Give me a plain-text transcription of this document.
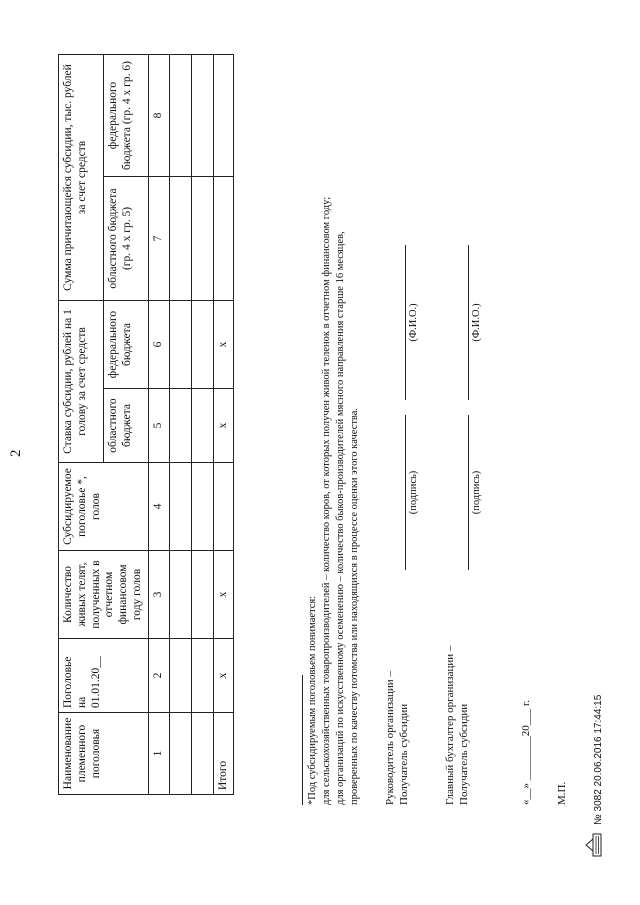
2
Наименование племенного поголовья	Поголовье на 01.01.20__	Количество живых телят, полученных в отчетном финансовом году голов	Субсидируемое поголовье *, голов	Ставка субсидии, рублей на 1 голову за счет средств		Сумма причитающейся субсидии, тыс. рублей за счет средств	
				областного бюджета	федерального бюджета	областного бюджета (гр. 4 x гр. 5)	федерального бюджета (гр. 4 x гр. 6)
1	2	3	4	5	6	7	8

Итого	х	х		х	х		
*Под субсидируемым поголовьем понимается: для сельскохозяйственных товаропроизводителей – количество коров, от которых получен живой теленок в отчетном финансовом году; для организаций по искусственному осеменению – количество быков-производителей мясного направления старше 16 месяцев, проверенных по качеству потомства или находящихся в процессе оценки этого качества. Руководитель организации – Получатель субсидии
(подпись)
(Ф.И.О.)
Главный бухгалтер организации – Получатель субсидии
(подпись)
(Ф.И.О.)
«__» ________20___ г. М.П.	№ 3082 20.06.2016 17:44:15
